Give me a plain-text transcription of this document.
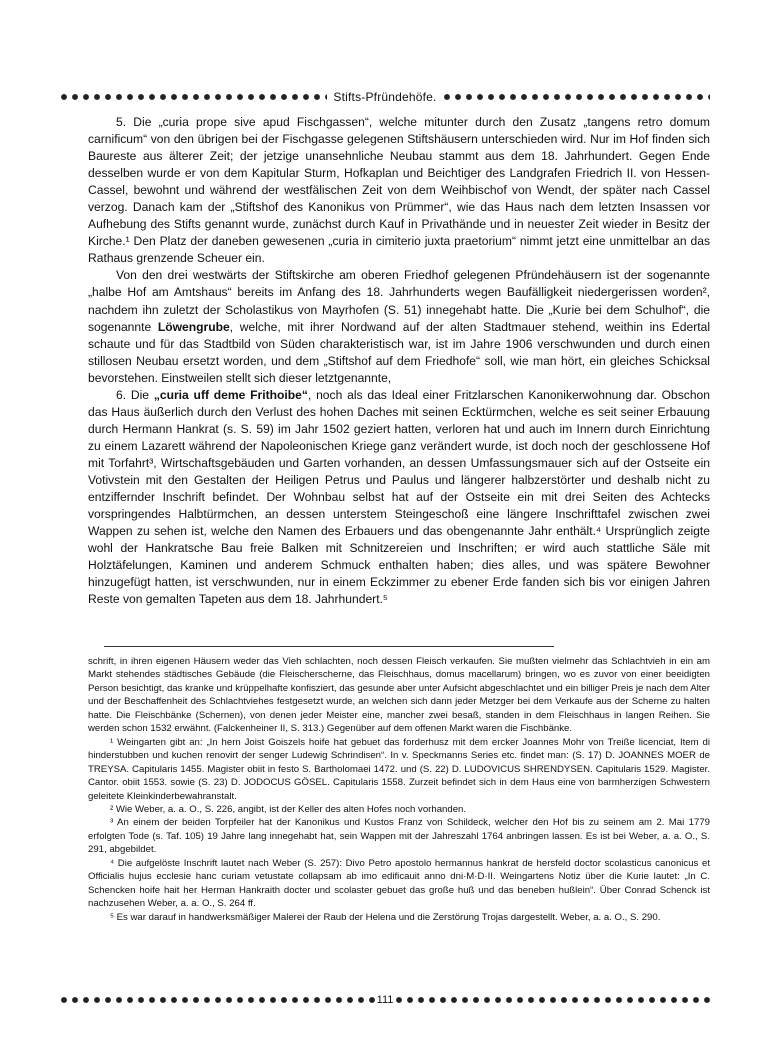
Stifts-Pfründehöfe.

5. Die „curia prope sive apud Fischgassen“, welche mitunter durch den Zusatz „tangens retro domum carnificum“ von den übrigen bei der Fischgasse gelegenen Stiftshäusern unterschieden wird. Nur im Hof finden sich Baureste aus älterer Zeit; der jetzige unansehnliche Neubau stammt aus dem 18. Jahrhundert. Gegen Ende desselben wurde er von dem Kapitular Sturm, Hofkaplan und Beichtiger des Landgrafen Friedrich II. von Hessen-Cassel, bewohnt und während der westfälischen Zeit von dem Weihbischof von Wendt, der später nach Cassel verzog. Danach kam der „Stiftshof des Kanonikus von Prümmer“, wie das Haus nach dem letzten Insassen vor Aufhebung des Stifts genannt wurde, zunächst durch Kauf in Privathände und in neuester Zeit wieder in Besitz der Kirche.¹ Den Platz der daneben gewesenen „curia in cimiterio juxta praetorium“ nimmt jetzt eine unmittelbar an das Rathaus grenzende Scheuer ein.

Von den drei westwärts der Stiftskirche am oberen Friedhof gelegenen Pfründehäusern ist der sogenannte „halbe Hof am Amtshaus“ bereits im Anfang des 18. Jahrhunderts wegen Baufälligkeit niedergerissen worden², nachdem ihn zuletzt der Scholastikus von Mayrhofen (S. 51) innegehabt hatte. Die „Kurie bei dem Schulhof“, die sogenannte Löwengrube, welche, mit ihrer Nordwand auf der alten Stadtmauer stehend, weithin ins Edertal schaute und für das Stadtbild von Süden charakteristisch war, ist im Jahre 1906 verschwunden und durch einen stillosen Neubau ersetzt worden, und dem „Stiftshof auf dem Friedhofe“ soll, wie man hört, ein gleiches Schicksal bevorstehen. Einstweilen stellt sich dieser letztgenannte,

6. Die „curia uff deme Frithoibe“, noch als das Ideal einer Fritzlarschen Kanonikerwohnung dar. Obschon das Haus äußerlich durch den Verlust des hohen Daches mit seinen Ecktürmchen, welche es seit seiner Erbauung durch Hermann Hankrat (s. S. 59) im Jahr 1502 geziert hatten, verloren hat und auch im Innern durch Einrichtung zu einem Lazarett während der Napoleonischen Kriege ganz verändert wurde, ist doch noch der geschlossene Hof mit Torfahrt³, Wirtschaftsgebäuden und Garten vorhanden, an dessen Umfassungsmauer sich auf der Ostseite ein Votivstein mit den Gestalten der Heiligen Petrus und Paulus und längerer halbzerstörter und deshalb nicht zu entziffernder Inschrift befindet. Der Wohnbau selbst hat auf der Ostseite ein mit drei Seiten des Achtecks vorspringendes Halbtürmchen, an dessen unterstem Steingeschoß eine längere Inschrifttafel zwischen zwei Wappen zu sehen ist, welche den Namen des Erbauers und das obengenannte Jahr enthält.⁴ Ursprünglich zeigte wohl der Hankratsche Bau freie Balken mit Schnitzereien und Inschriften; er wird auch stattliche Säle mit Holztäfelungen, Kaminen und anderem Schmuck enthalten haben; dies alles, und was spätere Bewohner hinzugefügt hatten, ist verschwunden, nur in einem Eckzimmer zu ebener Erde fanden sich bis vor einigen Jahren Reste von gemalten Tapeten aus dem 18. Jahrhundert.⁵

schrift, in ihren eigenen Häusern weder das Vieh schlachten, noch dessen Fleisch verkaufen. Sie mußten vielmehr das Schlachtvieh in ein am Markt stehendes städtisches Gebäude (die Fleischerscherne, das Fleischhaus, domus macellarum) bringen, wo es zuvor von einer beeidigten Person besichtigt, das kranke und krüppelhafte konfisziert, das gesunde aber unter Aufsicht abgeschlachtet und ein billiger Preis je nach dem Alter und der Beschaffenheit des Schlachtviehes festgesetzt wurde, an welchen sich dann jeder Metzger bei dem Verkaufe aus der Scherne zu halten hatte. Die Fleischbänke (Schernen), von denen jeder Meister eine, mancher zwei besaß, standen in dem Fleischhaus in langen Reihen. Sie werden schon 1532 erwähnt. (Falckenheiner II, S. 313.) Gegenüber auf dem offenen Markt waren die Fischbänke.

¹ Weingarten gibt an: „In hern Joist Goiszels hoife hat gebuet das forderhusz mit dem ercker Joannes Mohr von Treiße licenciat, Item di hinderstubben und kuchen renovirt der senger Ludewig Schrindisen“. In v. Speckmanns Series etc. findet man: (S. 17) D. JOANNES MOER de TREYSA. Capitularis 1455. Magister obiit in festo S. Bartholomaei 1472. und (S. 22) D. LUDOVICUS SHRENDYSEN. Capitularis 1529. Magister. Cantor. obiit 1553. sowie (S. 23) D. JODOCUS GÖSEL. Capitularis 1558. Zurzeit befindet sich in dem Haus eine von barmherzigen Schwestern geleitete Kleinkinderbewahranstalt.

² Wie Weber, a. a. O., S. 226, angibt, ist der Keller des alten Hofes noch vorhanden.

³ An einem der beiden Torpfeiler hat der Kanonikus und Kustos Franz von Schildeck, welcher den Hof bis zu seinem am 2. Mai 1779 erfolgten Tode (s. Taf. 105) 19 Jahre lang innegehabt hat, sein Wappen mit der Jahreszahl 1764 anbringen lassen. Es ist bei Weber, a. a. O., S. 291, abgebildet.

⁴ Die aufgelöste Inschrift lautet nach Weber (S. 257): Divo Petro apostolo hermannus hankrat de hersfeld doctor scolasticus canonicus et Officialis hujus ecclesie hanc curiam vetustate collapsam ab imo edificauit anno dni·M·D·II. Weingartens Notiz über die Kurie lautet: „In C. Schencken hoife hait her Herman Hankraith docter und scolaster gebuet das große huß und das beneben hußlein“. Über Conrad Schenck ist nachzusehen Weber, a. a. O., S. 264 ff.

⁵ Es war darauf in handwerksmäßiger Malerei der Raub der Helena und die Zerstörung Trojas dargestellt. Weber, a. a. O., S. 290.

111
